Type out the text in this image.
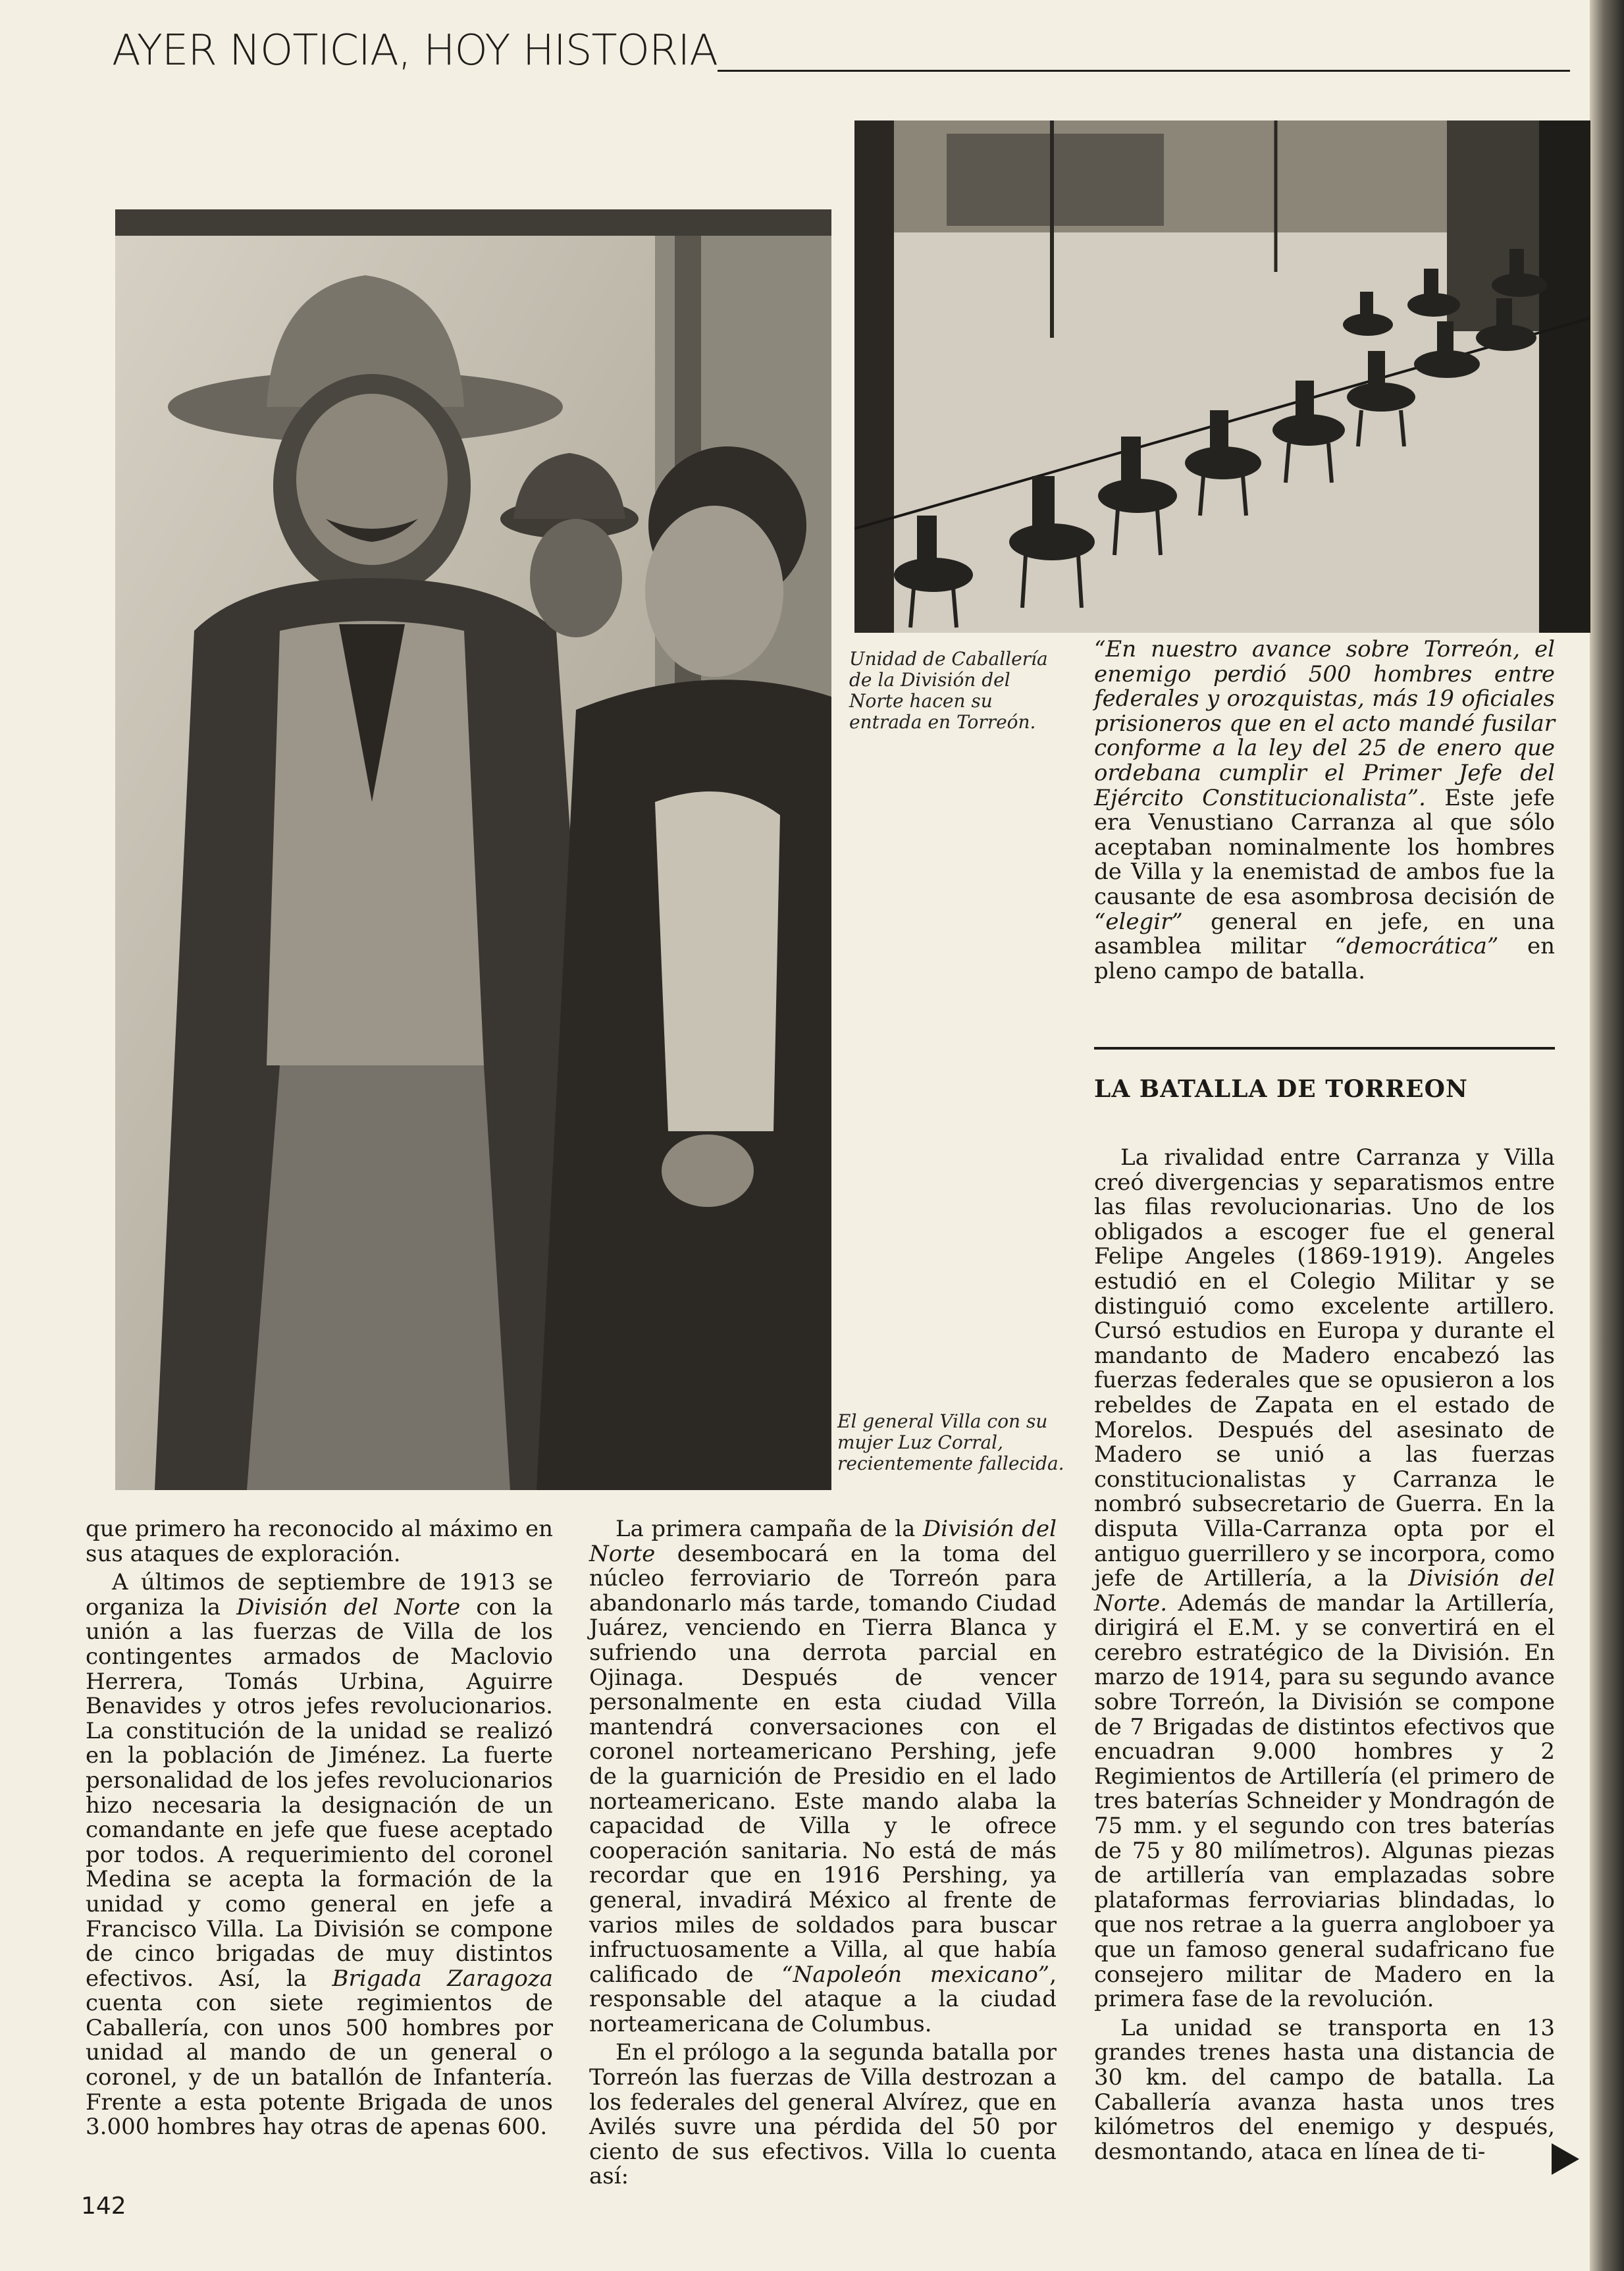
AYER NOTICIA, HOY HISTORIA
Unidad de Caballería de la División del Norte hacen su entrada en Torreón.
El general Villa con su mujer Luz Corral, recientemente fallecida.
“En nuestro avance sobre Torreón, el enemigo perdió 500 hombres entre federales y orozquistas, más 19 oficiales prisioneros que en el acto mandé fusilar conforme a la ley del 25 de enero que ordebana cumplir el Primer Jefe del Ejército Constitucionalista”. Este jefe era Venustiano Carranza al que sólo aceptaban nominalmente los hombres de Villa y la enemistad de ambos fue la causante de esa asombrosa decisión de “elegir” general en jefe, en una asamblea militar “democrática” en pleno campo de batalla.
LA BATALLA DE TORREON

que primero ha reconocido al máximo en sus ataques de exploración.

A últimos de septiembre de 1913 se organiza la División del Norte con la unión a las fuerzas de Villa de los contingentes armados de Maclovio Herrera, Tomás Urbina, Aguirre Benavides y otros jefes revolucionarios. La constitución de la unidad se realizó en la población de Jiménez. La fuerte personalidad de los jefes revolucionarios hizo necesaria la designación de un comandante en jefe que fuese aceptado por todos. A requerimiento del coronel Medina se acepta la formación de la unidad y como general en jefe a Francisco Villa. La División se compone de cinco brigadas de muy distintos efectivos. Así, la Brigada Zaragoza cuenta con siete regimientos de Caballería, con unos 500 hombres por unidad al mando de un general o coronel, y de un batallón de Infantería. Frente a esta potente Brigada de unos 3.000 hombres hay otras de apenas 600.

La primera campaña de la División del Norte desembocará en la toma del núcleo ferroviario de Torreón para abandonarlo más tarde, tomando Ciudad Juárez, venciendo en Tierra Blanca y sufriendo una derrota parcial en Ojinaga. Después de vencer personalmente en esta ciudad Villa mantendrá conversaciones con el coronel norteamericano Pershing, jefe de la guarnición de Presidio en el lado norteamericano. Este mando alaba la capacidad de Villa y le ofrece cooperación sanitaria. No está de más recordar que en 1916 Pershing, ya general, invadirá México al frente de varios miles de soldados para buscar infructuosamente a Villa, al que había calificado de “Napoleón mexicano”, responsable del ataque a la ciudad norteamericana de Columbus.

En el prólogo a la segunda batalla por Torreón las fuerzas de Villa destrozan a los federales del general Alvírez, que en Avilés suvre una pérdida del 50 por ciento de sus efectivos. Villa lo cuenta así:

La rivalidad entre Carranza y Villa creó divergencias y separatismos entre las filas revolucionarias. Uno de los obligados a escoger fue el general Felipe Angeles (1869-1919). Angeles estudió en el Colegio Militar y se distinguió como excelente artillero. Cursó estudios en Europa y durante el mandanto de Madero encabezó las fuerzas federales que se opusieron a los rebeldes de Zapata en el estado de Morelos. Después del asesinato de Madero se unió a las fuerzas constitucionalistas y Carranza le nombró subsecretario de Guerra. En la disputa Villa-Carranza opta por el antiguo guerrillero y se incorpora, como jefe de Artillería, a la División del Norte. Además de mandar la Artillería, dirigirá el E.M. y se convertirá en el cerebro estratégico de la División. En marzo de 1914, para su segundo avance sobre Torreón, la División se compone de 7 Brigadas de distintos efectivos que encuadran 9.000 hombres y 2 Regimientos de Artillería (el primero de tres baterías Schneider y Mondragón de 75 mm. y el segundo con tres baterías de 75 y 80 milímetros). Algunas piezas de artillería van emplazadas sobre plataformas ferroviarias blindadas, lo que nos retrae a la guerra angloboer ya que un famoso general sudafricano fue consejero militar de Madero en la primera fase de la revolución.

La unidad se transporta en 13 grandes trenes hasta una distancia de 30 km. del campo de batalla. La Caballería avanza hasta unos tres kilómetros del enemigo y después, desmontando, ataca en línea de ti-

142
